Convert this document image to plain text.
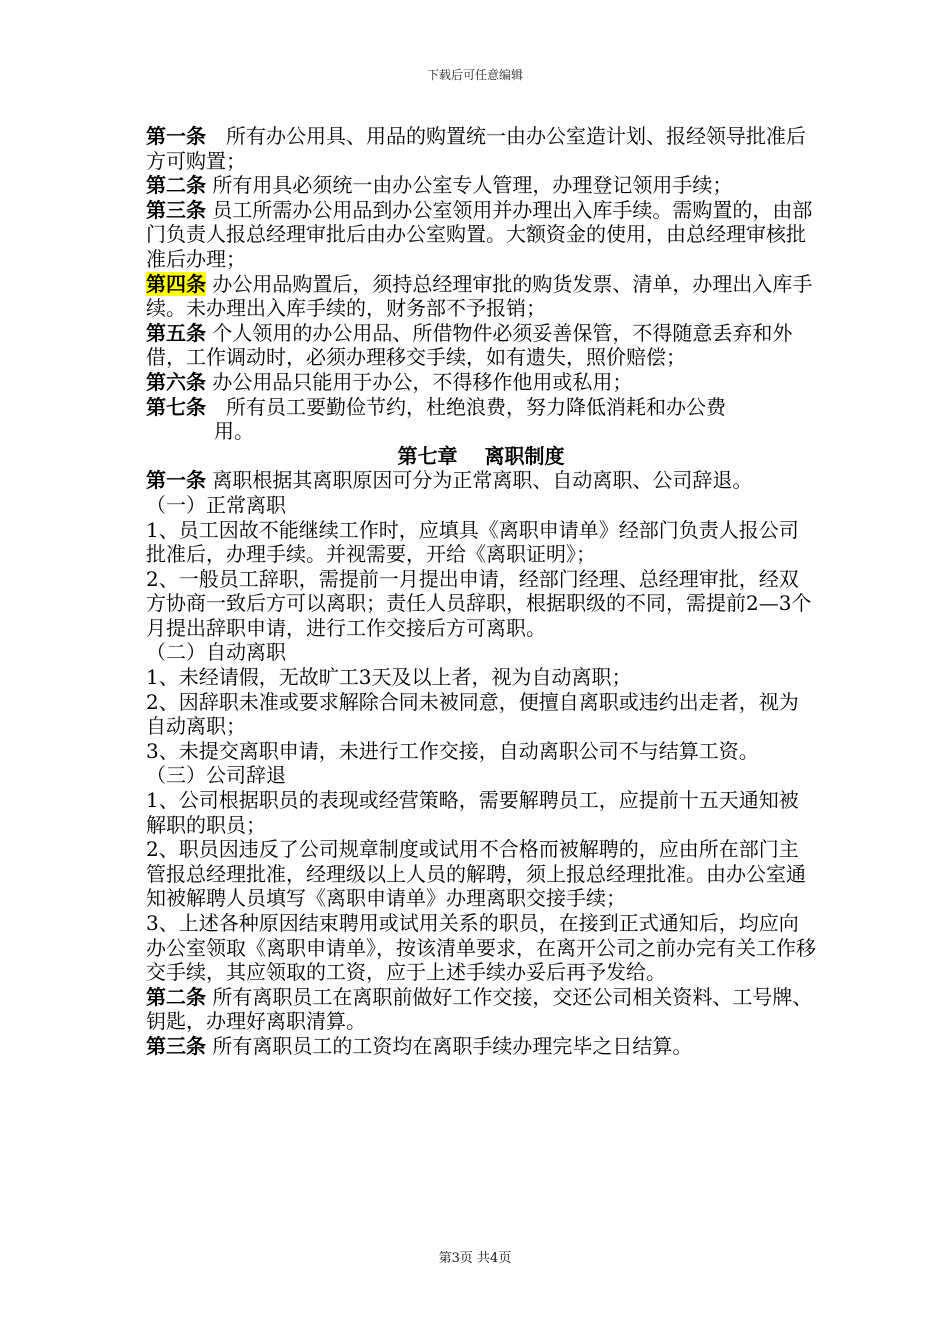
下载后可任意编辑

第一条　所有办公用具、用品的购置统一由办公室造计划、报经领导批准后方可购置；

第二条 所有用具必须统一由办公室专人管理，办理登记领用手续；

第三条 员工所需办公用品到办公室领用并办理出入库手续。需购置的，由部门负责人报总经理审批后由办公室购置。大额资金的使用，由总经理审核批准后办理；

第四条 办公用品购置后，须持总经理审批的购货发票、清单，办理出入库手续。未办理出入库手续的，财务部不予报销；

第五条 个人领用的办公用品、所借物件必须妥善保管，不得随意丢弃和外借，工作调动时，必须办理移交手续，如有遗失，照价赔偿；

第六条 办公用品只能用于办公，不得移作他用或私用；

第七条　所有员工要勤俭节约，杜绝浪费，努力降低消耗和办公费

用。

第七章　 离职制度

第一条 离职根据其离职原因可分为正常离职、自动离职、公司辞退。

（一）正常离职

1、员工因故不能继续工作时，应填具《离职申请单》经部门负责人报公司批准后，办理手续。并视需要，开给《离职证明》；

2、一般员工辞职，需提前一月提出申请，经部门经理、总经理审批，经双方协商一致后方可以离职；责任人员辞职，根据职级的不同，需提前2—3个月提出辞职申请，进行工作交接后方可离职。

（二）自动离职

1、未经请假，无故旷工3天及以上者，视为自动离职；

2、因辞职未准或要求解除合同未被同意，便擅自离职或违约出走者，视为自动离职；

3、未提交离职申请，未进行工作交接，自动离职公司不与结算工资。

（三）公司辞退

1、公司根据职员的表现或经营策略，需要解聘员工，应提前十五天通知被解职的职员；

2、职员因违反了公司规章制度或试用不合格而被解聘的，应由所在部门主管报总经理批准，经理级以上人员的解聘，须上报总经理批准。由办公室通知被解聘人员填写《离职申请单》办理离职交接手续；

3、上述各种原因结束聘用或试用关系的职员，在接到正式通知后，均应向办公室领取《离职申请单》，按该清单要求，在离开公司之前办完有关工作移交手续，其应领取的工资，应于上述手续办妥后再予发给。

第二条 所有离职员工在离职前做好工作交接，交还公司相关资料、工号牌、钥匙，办理好离职清算。

第三条 所有离职员工的工资均在离职手续办理完毕之日结算。

第3页 共4页
